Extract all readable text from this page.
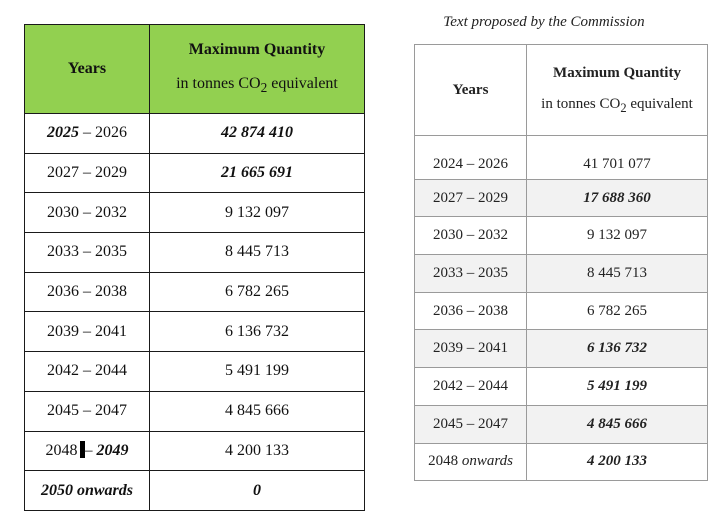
Years	Maximum Quantity
in tonnes $CO_2$ equivalent

2025 – 2026	42 874 410
2027 – 2029	21 665 691
2030 – 2032	9 132 097
2033 – 2035	8 445 713
2036 – 2038	6 782 265
2039 – 2041	6 136 732
2042 – 2044	5 491 199
2045 – 2047	4 845 666
2048 – 2049	4 200 133
2050 onwards	0
Text proposed by the Commission
Years	Maximum Quantity
in tonnes $CO_2$ equivalent

2024 – 2026	41 701 077
2027 – 2029	17 688 360
2030 – 2032	9 132 097
2033 – 2035	8 445 713
2036 – 2038	6 782 265
2039 – 2041	6 136 732
2042 – 2044	5 491 199
2045 – 2047	4 845 666
2048 onwards	4 200 133
